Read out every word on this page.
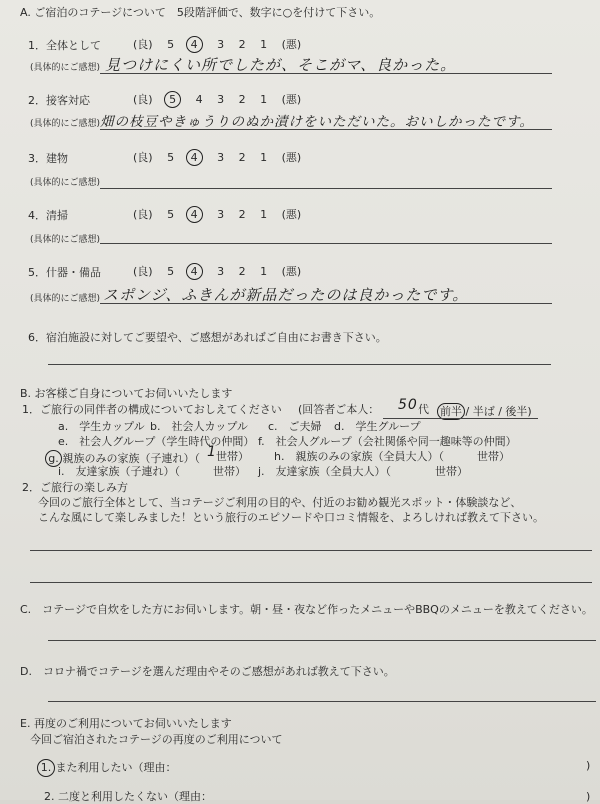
A. ご宿泊のコテージについて　5段階評価で、数字に○を付けて下さい。
1．全体として	(良) 5 4 3 2 1 (悪)
(具体的にご感想) 見つけにくい所でしたが、そこがマ、良かった。
2．接客対応	(良) 5 4 3 2 1 (悪)
(具体的にご感想) 畑の枝豆やきゅうりのぬか漬けをいただいた。おいしかったです。
3．建物	(良) 5 4 3 2 1 (悪)
(具体的にご感想)
4．清掃	(良) 5 4 3 2 1 (悪)
(具体的にご感想)
5．什器・備品	(良) 5 4 3 2 1 (悪)
(具体的にご感想) スポンジ、ふきんが新品だったのは良かったです。
6．宿泊施設に対してご要望や、ご感想があればご自由にお書き下さい。
B. お客様ご自身についてお伺いいたします
1．ご旅行の同伴者の構成についておしえてください (回答者ご本人： 50 代 前半 / 半ば / 後半)
a.　学生カップル b.　社会人カップル c.　ご夫婦 d.　学生グループ
e.　社会人グループ（学生時代の仲間） f.　社会人グループ（会社関係や同一趣味等の仲間）
g. 親族のみの家族（子連れ）（ 1 世帯） h.　親族のみの家族（全員大人）（　　　世帯）
i.　友達家族（子連れ）（　　　世帯） j.　友達家族（全員大人）（　　　　世帯）
2．ご旅行の楽しみ方
今回のご旅行全体として、当コテージご利用の目的や、付近のお勧め観光スポット・体験談など、
こんな風にして楽しみました！という旅行のエピソードや口コミ情報を、よろしければ教えて下さい。
C.　コテージで自炊をした方にお伺いします。朝・昼・夜など作ったメニューやBBQのメニューを教えてください。
D.　コロナ禍でコテージを選んだ理由やそのご感想があれば教えて下さい。
E. 再度のご利用についてお伺いいたします
今回ご宿泊されたコテージの再度のご利用について
1. また利用したい（理由：	)
2. 二度と利用したくない（理由：	)
